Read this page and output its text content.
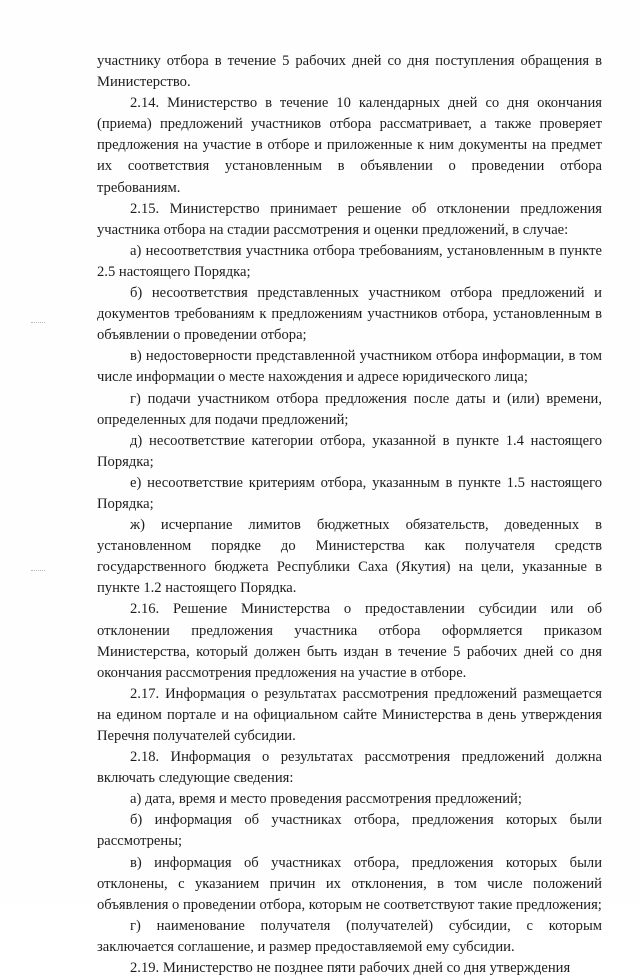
участнику отбора в течение 5 рабочих дней со дня поступления обращения в Министерство.

2.14. Министерство в течение 10 календарных дней со дня окончания (приема) предложений участников отбора рассматривает, а также проверяет предложения на участие в отборе и приложенные к ним документы на предмет их соответствия установленным в объявлении о проведении отбора требованиям.

2.15. Министерство принимает решение об отклонении предложения участника отбора на стадии рассмотрения и оценки предложений, в случае:

а) несоответствия участника отбора требованиям, установленным в пункте 2.5 настоящего Порядка;

б) несоответствия представленных участником отбора предложений и документов требованиям к предложениям участников отбора, установленным в объявлении о проведении отбора;

в) недостоверности представленной участником отбора информации, в том числе информации о месте нахождения и адресе юридического лица;

г) подачи участником отбора предложения после даты и (или) времени, определенных для подачи предложений;

д) несоответствие категории отбора, указанной в пункте 1.4 настоящего Порядка;

е) несоответствие критериям отбора, указанным в пункте 1.5 настоящего Порядка;

ж) исчерпание лимитов бюджетных обязательств, доведенных в установленном порядке до Министерства как получателя средств государственного бюджета Республики Саха (Якутия) на цели, указанные в пункте 1.2 настоящего Порядка.

2.16. Решение Министерства о предоставлении субсидии или об отклонении предложения участника отбора оформляется приказом Министерства, который должен быть издан в течение 5 рабочих дней со дня окончания рассмотрения предложения на участие в отборе.

2.17. Информация о результатах рассмотрения предложений размещается на едином портале и на официальном сайте Министерства в день утверждения Перечня получателей субсидии.

2.18. Информация о результатах рассмотрения предложений должна включать следующие сведения:

а) дата, время и место проведения рассмотрения предложений;

б) информация об участниках отбора, предложения которых были рассмотрены;

в) информация об участниках отбора, предложения которых были отклонены, с указанием причин их отклонения, в том числе положений объявления о проведении отбора, которым не соответствуют такие предложения;

г) наименование получателя (получателей) субсидии, с которым заключается соглашение, и размер предоставляемой ему субсидии.

2.19. Министерство не позднее пяти рабочих дней со дня утверждения
